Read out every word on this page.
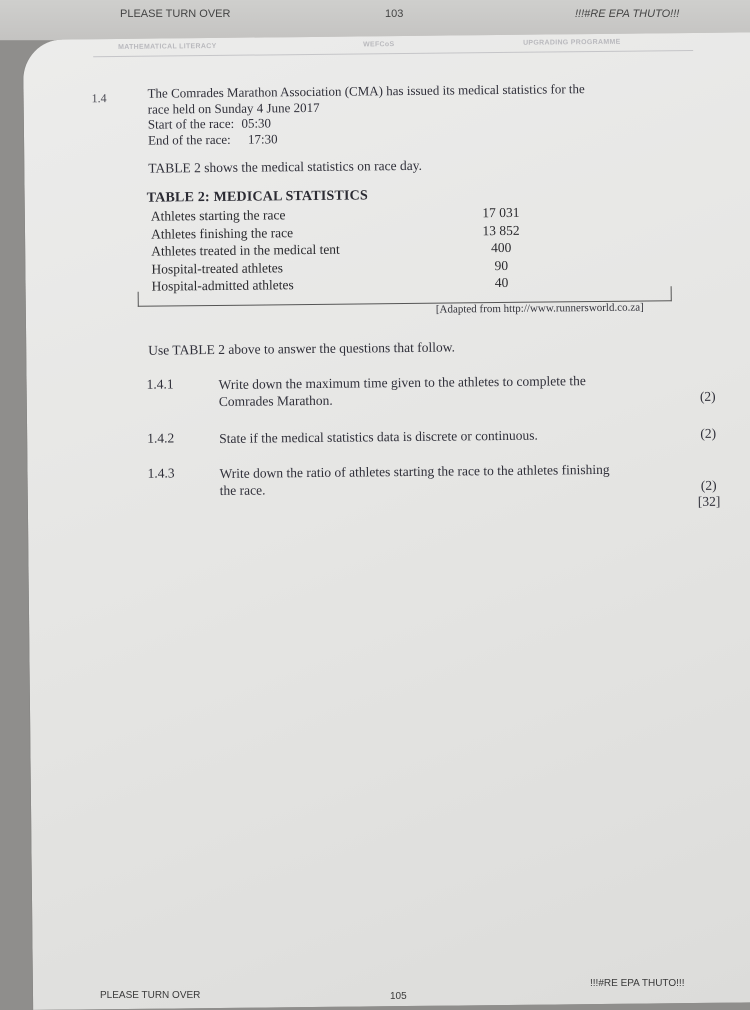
PLEASE TURN OVER	103	!!!#RE EPA THUTO!!!
MATHEMATICAL LITERACY	WEFCoS	UPGRADING PROGRAMME
1.4	The Comrades Marathon Association (CMA) has issued its medical statistics for the
race held on Sunday 4 June 2017
Start of the race: 05:30
End of the race: 17:30
TABLE 2 shows the medical statistics on race day.
TABLE 2: MEDICAL STATISTICS
Athletes starting the race	17 031
Athletes finishing the race	13 852
Athletes treated in the medical tent	400
Hospital-treated athletes	90
Hospital-admitted athletes	40
[Adapted from http://www.runnersworld.co.za]
Use TABLE 2 above to answer the questions that follow.
1.4.1	Write down the maximum time given to the athletes to complete the
Comrades Marathon.	(2)
1.4.2	State if the medical statistics data is discrete or continuous.	(2)
1.4.3	Write down the ratio of athletes starting the race to the athletes finishing
the race.	(2)
[32]
PLEASE TURN OVER	105
!!!#RE EPA THUTO!!!
